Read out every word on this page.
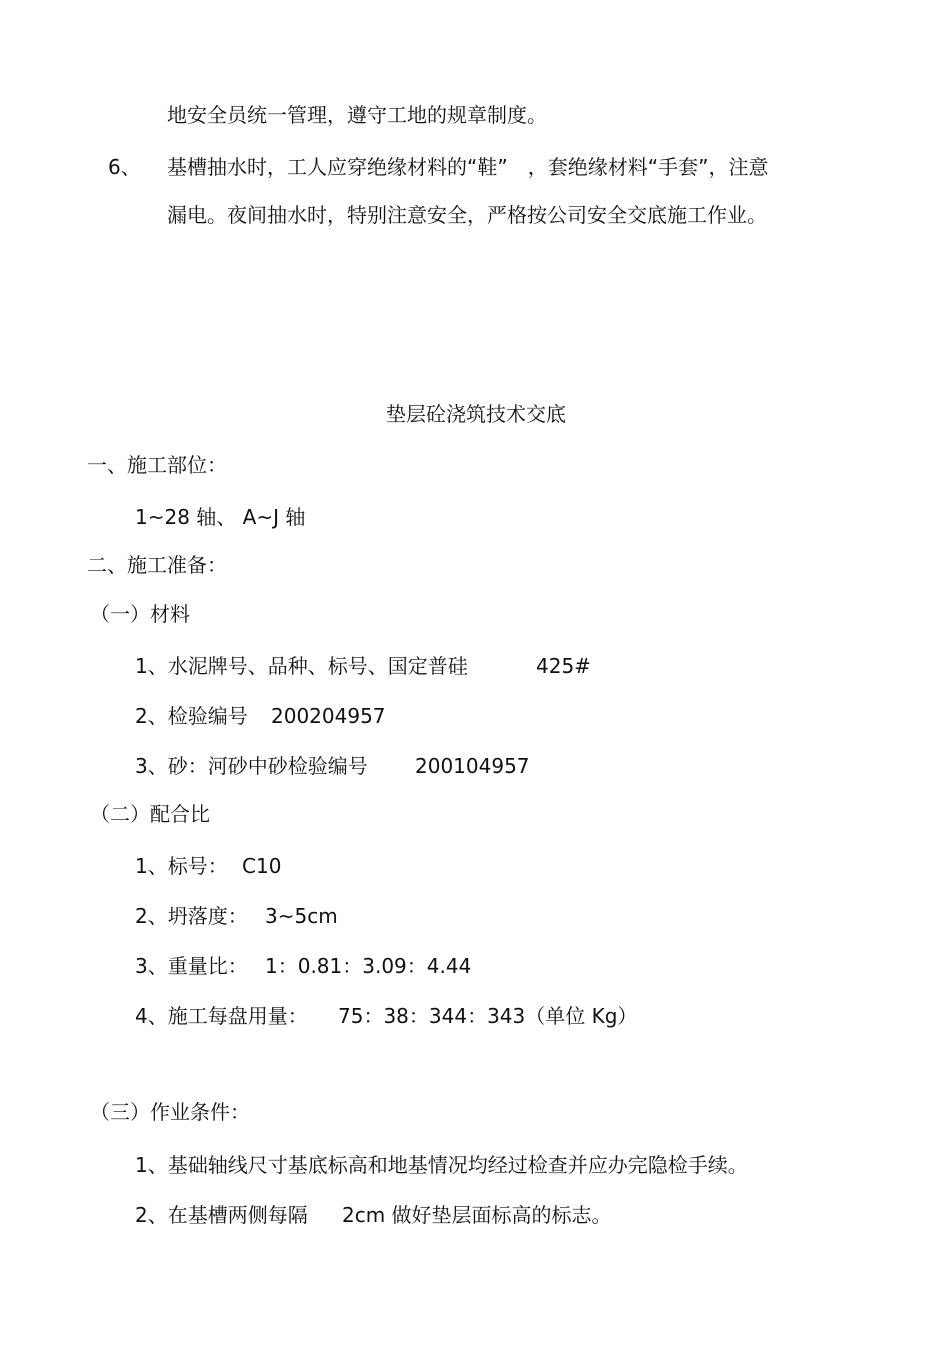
地安全员统一管理，遵守工地的规章制度。
6、 基槽抽水时，工人应穿绝缘材料的“鞋”　，套绝缘材料“手套”，注意
漏电。夜间抽水时，特别注意安全，严格按公司安全交底施工作业。
垫层砼浇筑技术交底
一、施工部位：
1~28 轴、 A~J 轴
二、施工准备：
（一）材料
1、水泥牌号、品种、标号、国定普硅	425#
2、检验编号 200204957
3、砂：河砂中砂检验编号 200104957
（二）配合比
1、标号： C10
2、坍落度： 3~5cm
3、重量比： 1：0.81：3.09：4.44
4、施工每盘用量： 75：38：344：343（单位 Kg）
（三）作业条件：
1、基础轴线尺寸基底标高和地基情况均经过检查并应办完隐检手续。
2、在基槽两侧每隔 2cm 做好垫层面标高的标志。
